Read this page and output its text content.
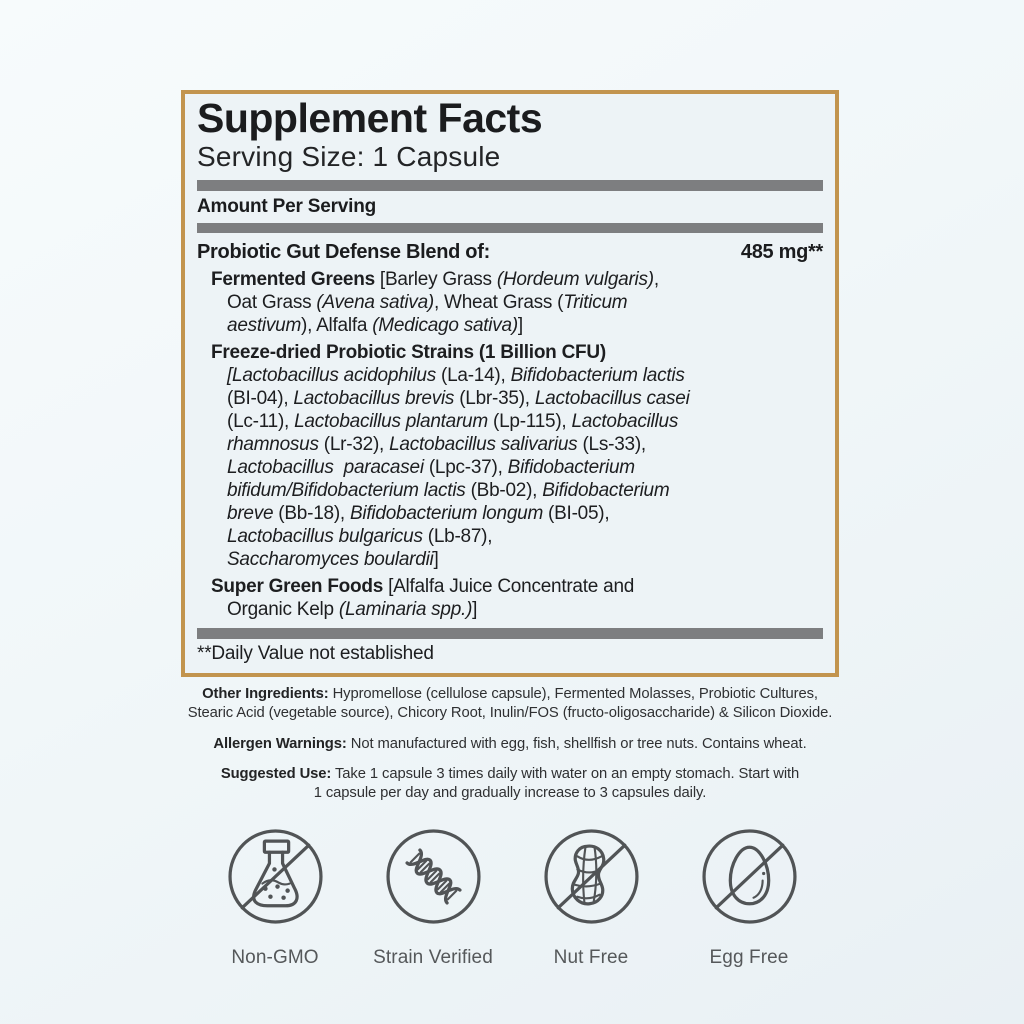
Supplement Facts
Serving Size: 1 Capsule
Amount Per Serving
Probiotic Gut Defense Blend of:	485 mg**
Fermented Greens [Barley Grass (Hordeum vulgaris),
Oat Grass (Avena sativa), Wheat Grass (Triticum
aestivum), Alfalfa (Medicago sativa)]
Freeze-dried Probiotic Strains (1 Billion CFU)
[Lactobacillus acidophilus (La-14), Bifidobacterium lactis
(BI-04), Lactobacillus brevis (Lbr-35), Lactobacillus casei
(Lc-11), Lactobacillus plantarum (Lp-115), Lactobacillus
rhamnosus (Lr-32), Lactobacillus salivarius (Ls-33),
Lactobacillus  paracasei (Lpc-37), Bifidobacterium
bifidum/Bifidobacterium lactis (Bb-02), Bifidobacterium
breve (Bb-18), Bifidobacterium longum (BI-05),
Lactobacillus bulgaricus (Lb-87),
Saccharomyces boulardii]
Super Green Foods [Alfalfa Juice Concentrate and
Organic Kelp (Laminaria spp.)]
**Daily Value not established

Other Ingredients: Hypromellose (cellulose capsule), Fermented Molasses, Probiotic Cultures,

Stearic Acid (vegetable source), Chicory Root, Inulin/FOS (fructo-oligosaccharide) & Silicon Dioxide.

Allergen Warnings: Not manufactured with egg, fish, shellfish or tree nuts. Contains wheat.

Suggested Use: Take 1 capsule 3 times daily with water on an empty stomach. Start with

1 capsule per day and gradually increase to 3 capsules daily.

Non-GMO	Strain Verified	Nut Free	Egg Free
